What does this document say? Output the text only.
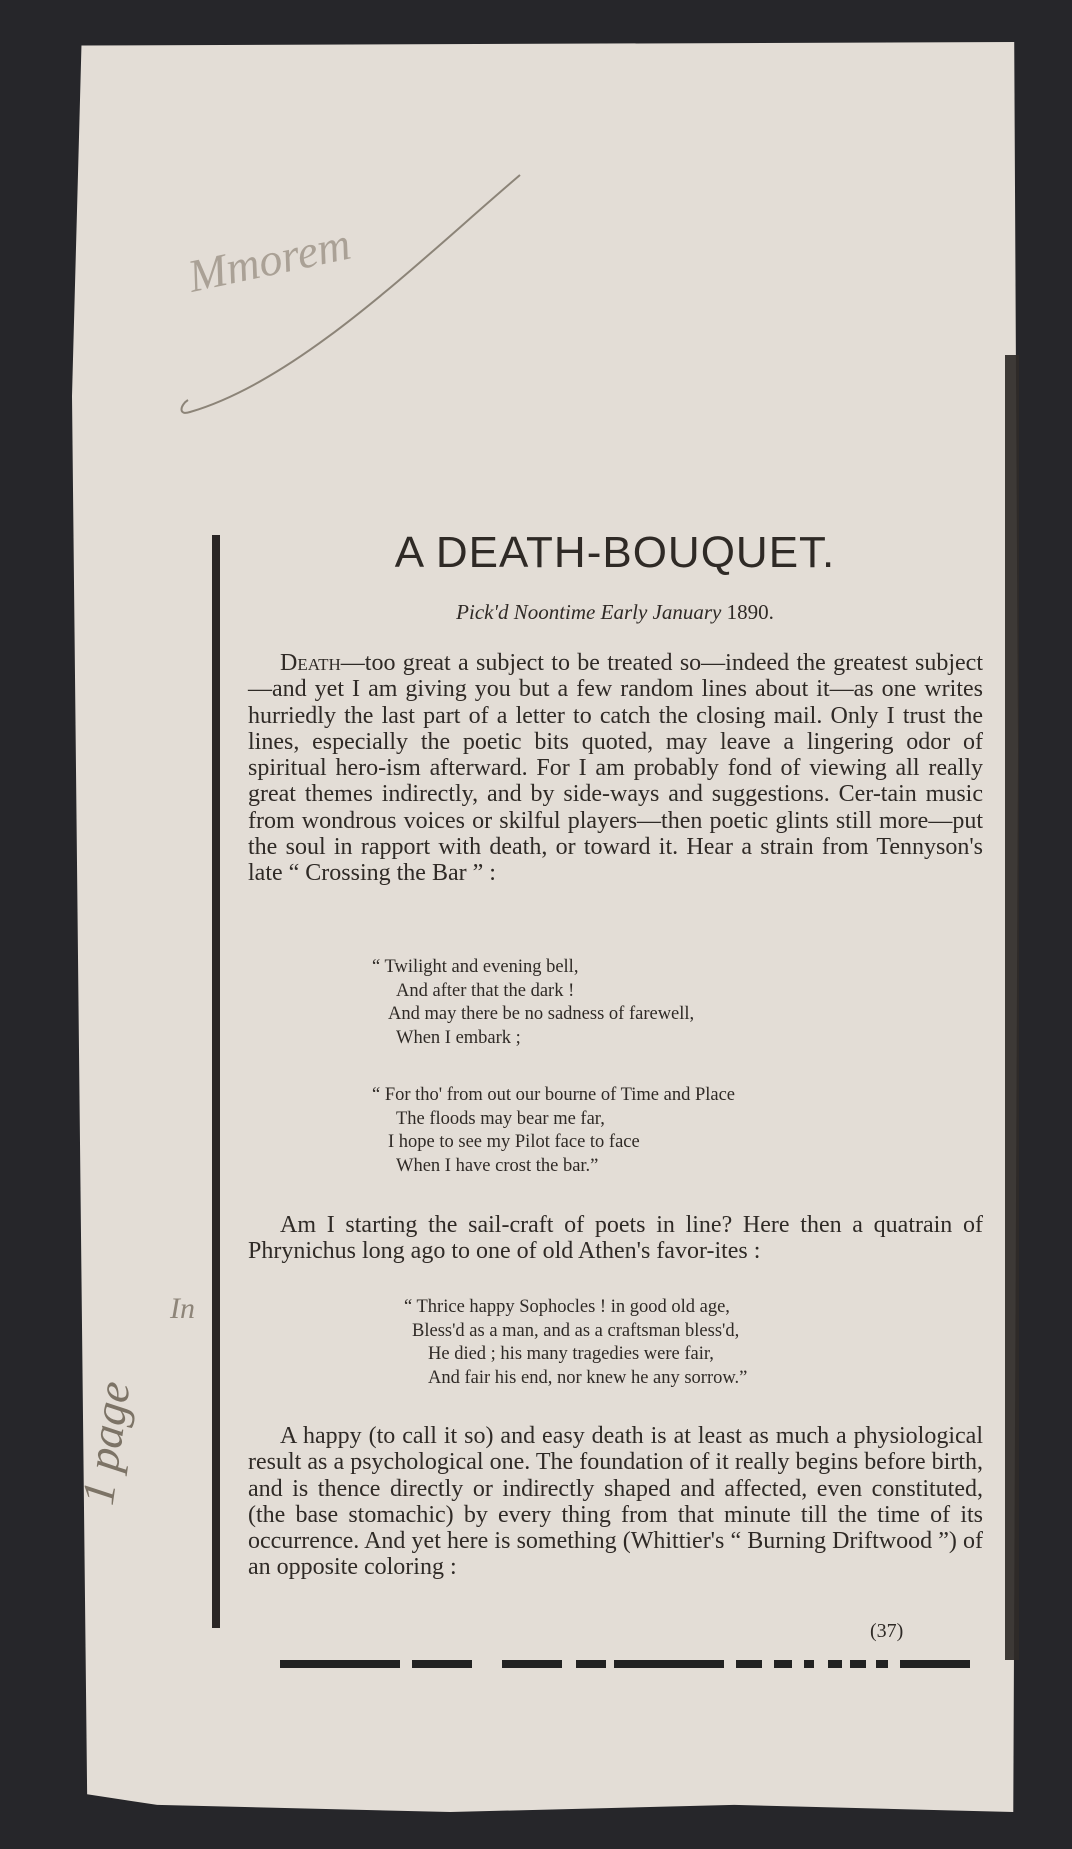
Mmorem
In
1 page
A DEATH-BOUQUET.
Pick'd Noontime Early January 1890.

Death—too great a subject to be treated so—indeed the greatest subject—and yet I am giving you but a few random lines about it—as one writes hurriedly the last part of a letter to catch the closing mail. Only I trust the lines, especially the poetic bits quoted, may leave a lingering odor of spiritual hero-ism afterward. For I am probably fond of viewing all really great themes indirectly, and by side-ways and suggestions. Cer-tain music from wondrous voices or skilful players—then poetic glints still more—put the soul in rapport with death, or toward it. Hear a strain from Tennyson's late “ Crossing the Bar ” :

“ Twilight and evening bell,
And after that the dark !
And may there be no sadness of farewell,
When I embark ;
“ For tho' from out our bourne of Time and Place
The floods may bear me far,
I hope to see my Pilot face to face
When I have crost the bar.”

Am I starting the sail-craft of poets in line? Here then a quatrain of Phrynichus long ago to one of old Athen's favor-ites :

“ Thrice happy Sophocles ! in good old age,
Bless'd as a man, and as a craftsman bless'd,
He died ; his many tragedies were fair,
And fair his end, nor knew he any sorrow.”

A happy (to call it so) and easy death is at least as much a physiological result as a psychological one. The foundation of it really begins before birth, and is thence directly or indirectly shaped and affected, even constituted, (the base stomachic) by every thing from that minute till the time of its occurrence. And yet here is something (Whittier's “ Burning Driftwood ”) of an opposite coloring :

(37)
